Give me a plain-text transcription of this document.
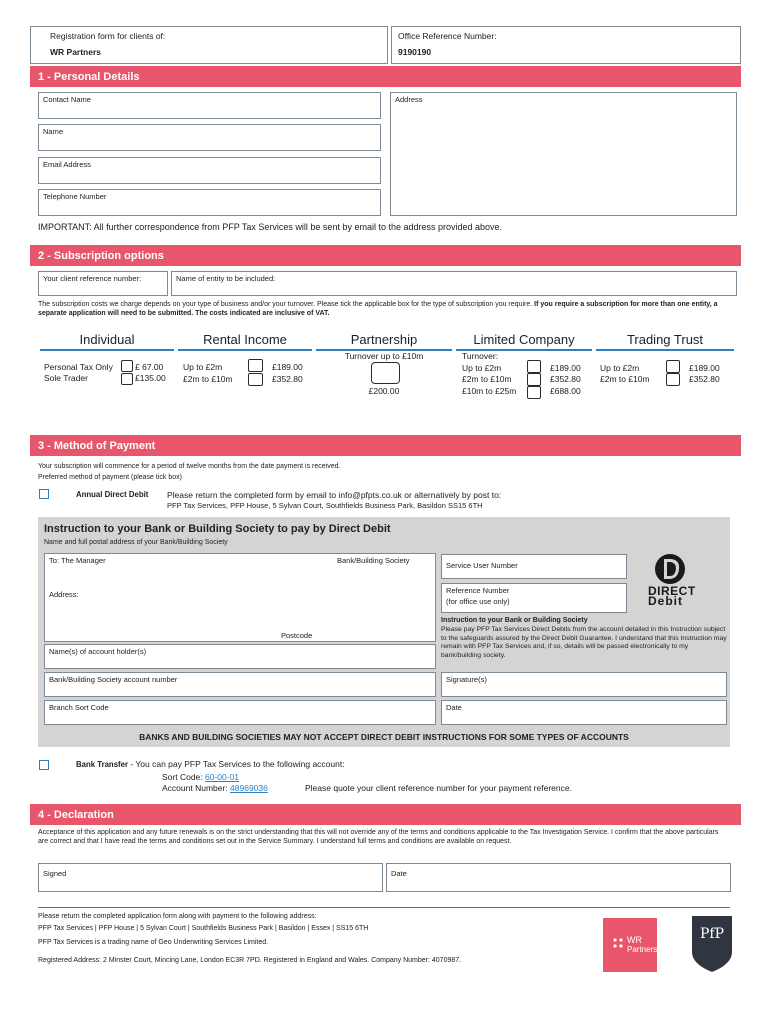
Registration form for clients of:
WR Partners
Office Reference Number:
9190190
1 - Personal Details
Contact Name
Name
Email Address
Telephone Number
Address
IMPORTANT: All further correspondence from PFP Tax Services will be sent by email to the address provided above.
2 - Subscription options
Your client reference number:	Name of entity to be included:
The subscription costs we charge depends on your type of business and/or your turnover. Please tick the applicable box for the type of subscription you require. If you require a subscription for more than one entity, a separate application will need to be submitted. The costs indicated are inclusive of VAT.
Individual	Rental Income	Partnership	Limited Company	Trading Trust
Personal Tax Only	£ 67.00
Sole Trader	£135.00
Up to £2m	£189.00
£2m to £10m	£352.80
Turnover up to £10m
£200.00
Turnover:
Up to £2m	£189.00
£2m to £10m	£352.80
£10m to £25m	£688.00
Up to £2m	£189.00
£2m to £10m	£352.80
3 - Method of Payment
Your subscription will commence for a period of twelve months from the date payment is received.
Preferred method of payment (please tick box)
Annual Direct Debit Please return the completed form by email to info@pfpts.co.uk or alternatively by post to:
PFP Tax Services, PFP House, 5 Sylvan Court, Southfields Business Park, Basildon SS15 6TH
Instruction to your Bank or Building Society to pay by Direct Debit
Name and full postal address of your Bank/Building Society
To: The Manager	Bank/Building Society
Address:
Postcode
Name(s) of account holder(s)
Bank/Building Society account number
Branch Sort Code
Service User Number
Reference Number
(for office use only)
DIRECT
Debit
Instruction to your Bank or Building Society
Please pay PFP Tax Services Direct Debits from the account detailed in this Instruction subject to the safeguards assured by the Direct Debit Guarantee. I understand that this Instruction may remain with PFP Tax Services and, if so, details will be passed electronically to my bank/building society.
Signature(s)
Date
BANKS AND BUILDING SOCIETIES MAY NOT ACCEPT DIRECT DEBIT INSTRUCTIONS FOR SOME TYPES OF ACCOUNTS
Bank Transfer - You can pay PFP Tax Services to the following account:
Sort Code: 60-00-01
Account Number: 48969036	Please quote your client reference number for your payment reference.
4 - Declaration
Acceptance of this application and any future renewals is on the strict understanding that this will not override any of the terms and conditions applicable to the Tax Investigation Service. I confirm that the above particulars are correct and that I have read the terms and conditions set out in the Service Summary. I understand full terms and conditions are available on request.
Signed	Date
Please return the completed application form along with payment to the following address:
PFP Tax Services | PFP House | 5 Sylvan Court | Southfields Business Park | Basildon | Essex | SS15 6TH
PFP Tax Services is a trading name of Geo Underwriting Services Limited.
Registered Address: 2 Minster Court, Mincing Lane, London EC3R 7PD. Registered in England and Wales. Company Number: 4070987.
WR
Partners
PfP
